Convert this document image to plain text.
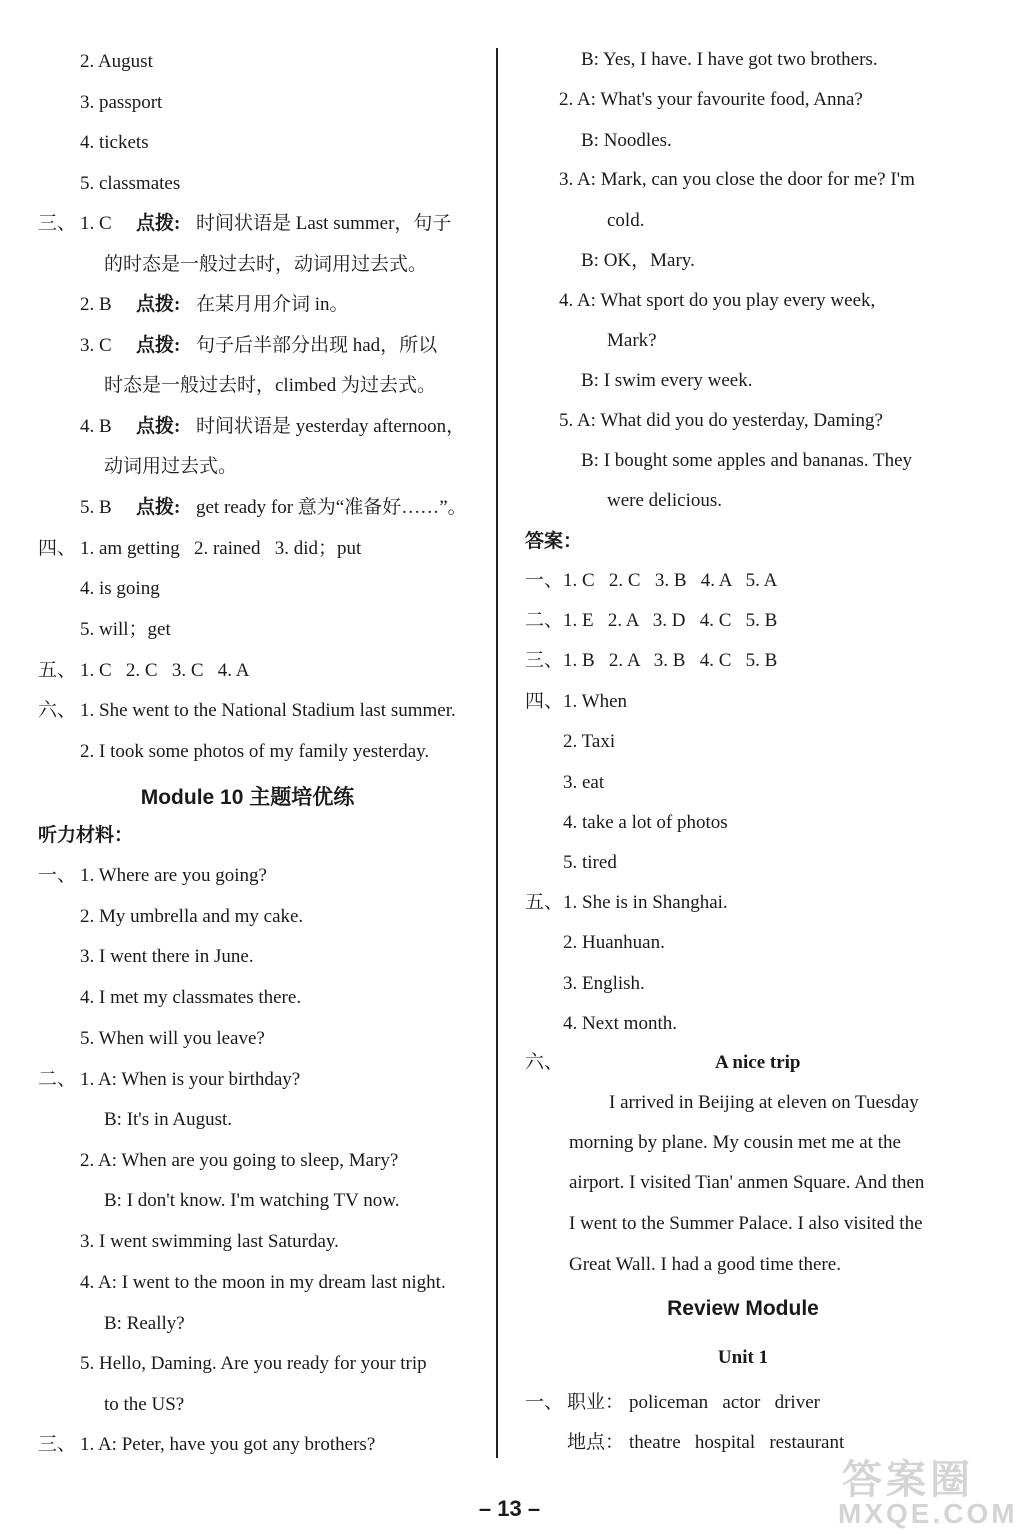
2. August
3. passport
4. tickets
5. classmates
三、 1. C 点拨: 时间状语是 Last summer，句子
的时态是一般过去时，动词用过去式。
2. B 点拨: 在某月用介词 in。
3. C 点拨: 句子后半部分出现 had，所以
时态是一般过去时，climbed 为过去式。
4. B 点拨: 时间状语是 yesterday afternoon，
动词用过去式。
5. B 点拨: get ready for 意为“准备好……”。
四、 1. am getting   2. rained   3. did；put
4. is going
5. will；get
五、 1. C   2. C   3. C   4. A
六、 1. She went to the National Stadium last summer.
2. I took some photos of my family yesterday.
Module 10 主题培优练
听力材料：
一、 1. Where are you going?
2. My umbrella and my cake.
3. I went there in June.
4. I met my classmates there.
5. When will you leave?
二、 1. A: When is your birthday?
B: It's in August.
2. A: When are you going to sleep, Mary?
B: I don't know. I'm watching TV now.
3. I went swimming last Saturday.
4. A: I went to the moon in my dream last night.
B: Really?
5. Hello, Daming. Are you ready for your trip
to the US?
三、 1. A: Peter, have you got any brothers?
B: Yes, I have. I have got two brothers.
2. A: What's your favourite food, Anna?
B: Noodles.
3. A: Mark, can you close the door for me? I'm
cold.
B: OK，Mary.
4. A: What sport do you play every week,
Mark?
B: I swim every week.
5. A: What did you do yesterday, Daming?
B: I bought some apples and bananas. They
were delicious.
答案：
一、 1. C   2. C   3. B   4. A   5. A
二、 1. E   2. A   3. D   4. C   5. B
三、 1. B   2. A   3. B   4. C   5. B
四、 1. When
2. Taxi
3. eat
4. take a lot of photos
5. tired
五、 1. She is in Shanghai.
2. Huanhuan.
3. English.
4. Next month.
六、	A nice trip
I arrived in Beijing at eleven on Tuesday
morning by plane. My cousin met me at the
airport. I visited Tian' anmen Square. And then
I went to the Summer Palace. I also visited the
Great Wall. I had a good time there.
Review Module
Unit 1
一、 职业： policeman   actor   driver
地点： theatre   hospital   restaurant
– 13 –
答案圈
MXQE.COM
